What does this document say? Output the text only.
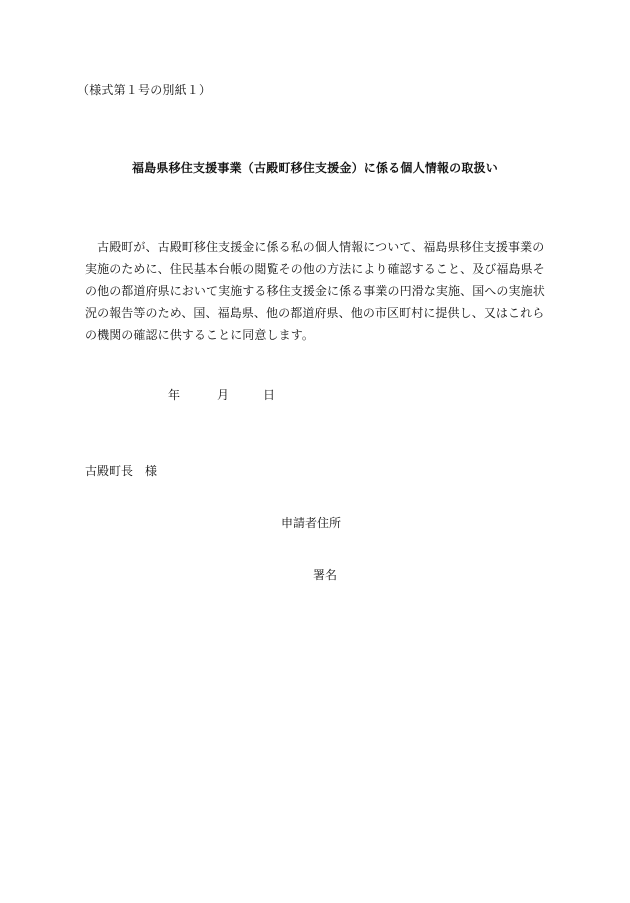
（様式第１号の別紙１）
福島県移住支援事業（古殿町移住支援金）に係る個人情報の取扱い
　古殿町が、古殿町移住支援金に係る私の個人情報について、福島県移住支援事業の
実施のために、住民基本台帳の閲覧その他の方法により確認すること、及び福島県そ
の他の都道府県において実施する移住支援金に係る事業の円滑な実施、国への実施状
況の報告等のため、国、福島県、他の都道府県、他の市区町村に提供し、又はこれら
の機関の確認に供することに同意します。
年	月	日
古殿町長　様
申請者住所
署名
